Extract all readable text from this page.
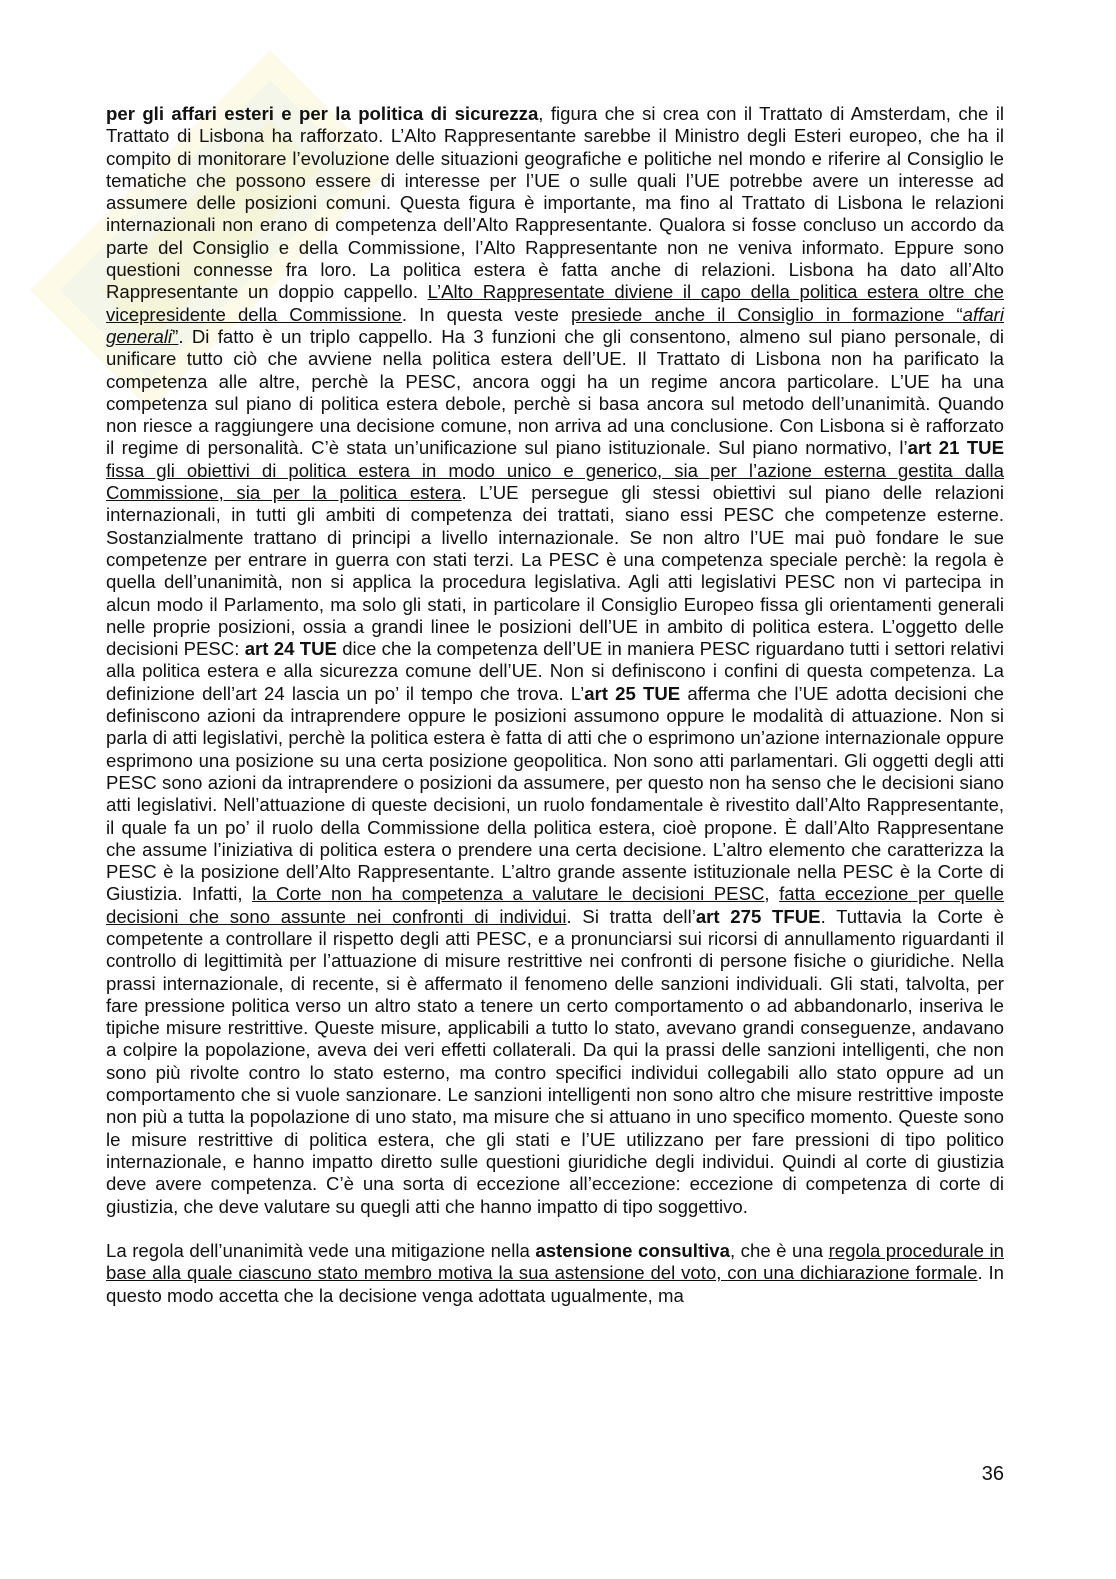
per gli affari esteri e per la politica di sicurezza, figura che si crea con il Trattato di Amsterdam, che il Trattato di Lisbona ha rafforzato. L’Alto Rappresentante sarebbe il Ministro degli Esteri europeo, che ha il compito di monitorare l’evoluzione delle situazioni geografiche e politiche nel mondo e riferire al Consiglio le tematiche che possono essere di interesse per l’UE o sulle quali l’UE potrebbe avere un interesse ad assumere delle posizioni comuni. Questa figura è importante, ma fino al Trattato di Lisbona le relazioni internazionali non erano di competenza dell’Alto Rappresentante. Qualora si fosse concluso un accordo da parte del Consiglio e della Commissione, l’Alto Rappresentante non ne veniva informato. Eppure sono questioni connesse fra loro. La politica estera è fatta anche di relazioni. Lisbona ha dato all’Alto Rappresentante un doppio cappello. L’Alto Rappresentate diviene il capo della politica estera oltre che vicepresidente della Commissione. In questa veste presiede anche il Consiglio in formazione “affari generali”. Di fatto è un triplo cappello. Ha 3 funzioni che gli consentono, almeno sul piano personale, di unificare tutto ciò che avviene nella politica estera dell’UE. Il Trattato di Lisbona non ha parificato la competenza alle altre, perchè la PESC, ancora oggi ha un regime ancora particolare. L’UE ha una competenza sul piano di politica estera debole, perchè si basa ancora sul metodo dell’unanimità. Quando non riesce a raggiungere una decisione comune, non arriva ad una conclusione. Con Lisbona si è rafforzato il regime di personalità. C’è stata un’unificazione sul piano istituzionale. Sul piano normativo, l’art 21 TUE fissa gli obiettivi di politica estera in modo unico e generico, sia per l’azione esterna gestita dalla Commissione, sia per la politica estera. L’UE persegue gli stessi obiettivi sul piano delle relazioni internazionali, in tutti gli ambiti di competenza dei trattati, siano essi PESC che competenze esterne. Sostanzialmente trattano di principi a livello internazionale. Se non altro l’UE mai può fondare le sue competenze per entrare in guerra con stati terzi. La PESC è una competenza speciale perchè: la regola è quella dell’unanimità, non si applica la procedura legislativa. Agli atti legislativi PESC non vi partecipa in alcun modo il Parlamento, ma solo gli stati, in particolare il Consiglio Europeo fissa gli orientamenti generali nelle proprie posizioni, ossia a grandi linee le posizioni dell’UE in ambito di politica estera. L’oggetto delle decisioni PESC: art 24 TUE dice che la competenza dell’UE in maniera PESC riguardano tutti i settori relativi alla politica estera e alla sicurezza comune dell’UE. Non si definiscono i confini di questa competenza. La definizione dell’art 24 lascia un po’ il tempo che trova. L’art 25 TUE afferma che l’UE adotta decisioni che definiscono azioni da intraprendere oppure le posizioni assumono oppure le modalità di attuazione. Non si parla di atti legislativi, perchè la politica estera è fatta di atti che o esprimono un’azione internazionale oppure esprimono una posizione su una certa posizione geopolitica. Non sono atti parlamentari. Gli oggetti degli atti PESC sono azioni da intraprendere o posizioni da assumere, per questo non ha senso che le decisioni siano atti legislativi. Nell’attuazione di queste decisioni, un ruolo fondamentale è rivestito dall’Alto Rappresentante, il quale fa un po’ il ruolo della Commissione della politica estera, cioè propone. È dall’Alto Rappresentane che assume l’iniziativa di politica estera o prendere una certa decisione. L’altro elemento che caratterizza la PESC è la posizione dell’Alto Rappresentante. L’altro grande assente istituzionale nella PESC è la Corte di Giustizia. Infatti, la Corte non ha competenza a valutare le decisioni PESC, fatta eccezione per quelle decisioni che sono assunte nei confronti di individui. Si tratta dell’art 275 TFUE. Tuttavia la Corte è competente a controllare il rispetto degli atti PESC, e a pronunciarsi sui ricorsi di annullamento riguardanti il controllo di legittimità per l’attuazione di misure restrittive nei confronti di persone fisiche o giuridiche. Nella prassi internazionale, di recente, si è affermato il fenomeno delle sanzioni individuali. Gli stati, talvolta, per fare pressione politica verso un altro stato a tenere un certo comportamento o ad abbandonarlo, inseriva le tipiche misure restrittive. Queste misure, applicabili a tutto lo stato, avevano grandi conseguenze, andavano a colpire la popolazione, aveva dei veri effetti collaterali. Da qui la prassi delle sanzioni intelligenti, che non sono più rivolte contro lo stato esterno, ma contro specifici individui collegabili allo stato oppure ad un comportamento che si vuole sanzionare. Le sanzioni intelligenti non sono altro che misure restrittive imposte non più a tutta la popolazione di uno stato, ma misure che si attuano in uno specifico momento. Queste sono le misure restrittive di politica estera, che gli stati e l’UE utilizzano per fare pressioni di tipo politico internazionale, e hanno impatto diretto sulle questioni giuridiche degli individui. Quindi al corte di giustizia deve avere competenza. C’è una sorta di eccezione all’eccezione: eccezione di competenza di corte di giustizia, che deve valutare su quegli atti che hanno impatto di tipo soggettivo.

La regola dell’unanimità vede una mitigazione nella astensione consultiva, che è una regola procedurale in base alla quale ciascuno stato membro motiva la sua astensione del voto, con una dichiarazione formale. In questo modo accetta che la decisione venga adottata ugualmente, ma

36
